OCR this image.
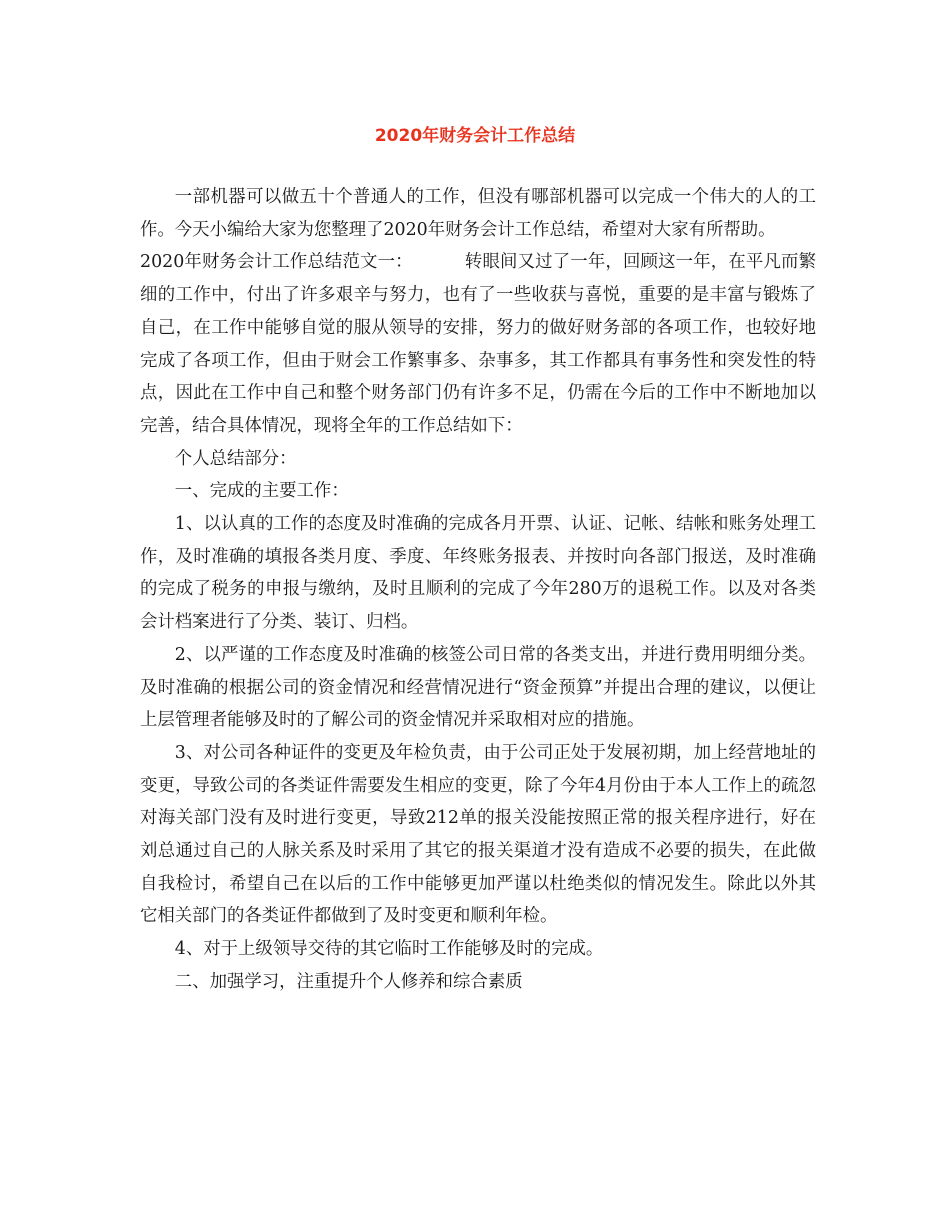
2020年财务会计工作总结

一部机器可以做五十个普通人的工作，但没有哪部机器可以完成一个伟大的人的工作。今天小编给大家为您整理了2020年财务会计工作总结，希望对大家有所帮助。

2020年财务会计工作总结范文一：	转眼间又过了一年，回顾这一年，在平凡而繁细的工作中，付出了许多艰辛与努力，也有了一些收获与喜悦，重要的是丰富与锻炼了自己，在工作中能够自觉的服从领导的安排，努力的做好财务部的各项工作，也较好地完成了各项工作，但由于财会工作繁事多、杂事多，其工作都具有事务性和突发性的特点，因此在工作中自己和整个财务部门仍有许多不足，仍需在今后的工作中不断地加以完善，结合具体情况，现将全年的工作总结如下：

个人总结部分：

一、完成的主要工作：

1、以认真的工作的态度及时准确的完成各月开票、认证、记帐、结帐和账务处理工作，及时准确的填报各类月度、季度、年终账务报表、并按时向各部门报送，及时准确的完成了税务的申报与缴纳，及时且顺利的完成了今年280万的退税工作。以及对各类会计档案进行了分类、装订、归档。

2、以严谨的工作态度及时准确的核签公司日常的各类支出，并进行费用明细分类。及时准确的根据公司的资金情况和经营情况进行“资金预算”并提出合理的建议，以便让上层管理者能够及时的了解公司的资金情况并采取相对应的措施。

3、对公司各种证件的变更及年检负责，由于公司正处于发展初期，加上经营地址的变更，导致公司的各类证件需要发生相应的变更，除了今年4月份由于本人工作上的疏忽对海关部门没有及时进行变更，导致212单的报关没能按照正常的报关程序进行，好在刘总通过自己的人脉关系及时采用了其它的报关渠道才没有造成不必要的损失，在此做自我检讨，希望自己在以后的工作中能够更加严谨以杜绝类似的情况发生。除此以外其它相关部门的各类证件都做到了及时变更和顺利年检。

4、对于上级领导交待的其它临时工作能够及时的完成。

二、加强学习，注重提升个人修养和综合素质
